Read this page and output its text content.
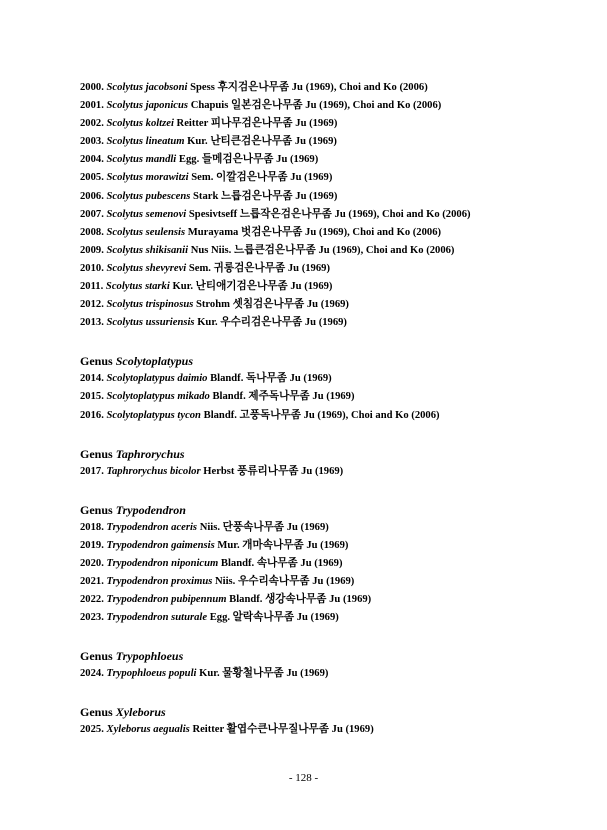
2000. Scolytus jacobsoni Spess 후지검은나무좀 Ju (1969), Choi and Ko (2006)
2001. Scolytus japonicus Chapuis 일본검은나무좀 Ju (1969), Choi and Ko (2006)
2002. Scolytus koltzei Reitter 피나무검은나무좀 Ju (1969)
2003. Scolytus lineatum Kur. 난티큰검은나무좀 Ju (1969)
2004. Scolytus mandli Egg. 들메검은나무좀 Ju (1969)
2005. Scolytus morawitzi Sem. 이깔검은나무좀 Ju (1969)
2006. Scolytus pubescens Stark 느릅검은나무좀 Ju (1969)
2007. Scolytus semenovi Spesivtseff 느릅작은검은나무좀 Ju (1969), Choi and Ko (2006)
2008. Scolytus seulensis Murayama 벗검은나무좀 Ju (1969), Choi and Ko (2006)
2009. Scolytus shikisanii Nus Niis. 느릅큰검은나무좀 Ju (1969), Choi and Ko (2006)
2010. Scolytus shevyrevi Sem. 귀롱검은나무좀 Ju (1969)
2011. Scolytus starki Kur. 난티애기검은나무좀 Ju (1969)
2012. Scolytus trispinosus Strohm 셋침검은나무좀 Ju (1969)
2013. Scolytus ussuriensis Kur. 우수리검은나무좀 Ju (1969)
Genus Scolytoplatypus
2014. Scolytoplatypus daimio Blandf. 독나무좀 Ju (1969)
2015. Scolytoplatypus mikado Blandf. 제주독나무좀 Ju (1969)
2016. Scolytoplatypus tycon Blandf. 고풍독나무좀 Ju (1969), Choi and Ko (2006)
Genus Taphrorychus
2017. Taphrorychus bicolor Herbst 풍류리나무좀 Ju (1969)
Genus Trypodendron
2018. Trypodendron aceris Niis. 단풍속나무좀 Ju (1969)
2019. Trypodendron gaimensis Mur. 개마속나무좀 Ju (1969)
2020. Trypodendron niponicum Blandf. 속나무좀 Ju (1969)
2021. Trypodendron proximus Niis. 우수리속나무좀 Ju (1969)
2022. Trypodendron pubipennum Blandf. 생강속나무좀 Ju (1969)
2023. Trypodendron suturale Egg. 알락속나무좀 Ju (1969)
Genus Trypophloeus
2024. Trypophloeus populi Kur. 물황철나무좀 Ju (1969)
Genus Xyleborus
2025. Xyleborus aegualis Reitter 활엽수큰나무질나무좀 Ju (1969)
- 128 -
